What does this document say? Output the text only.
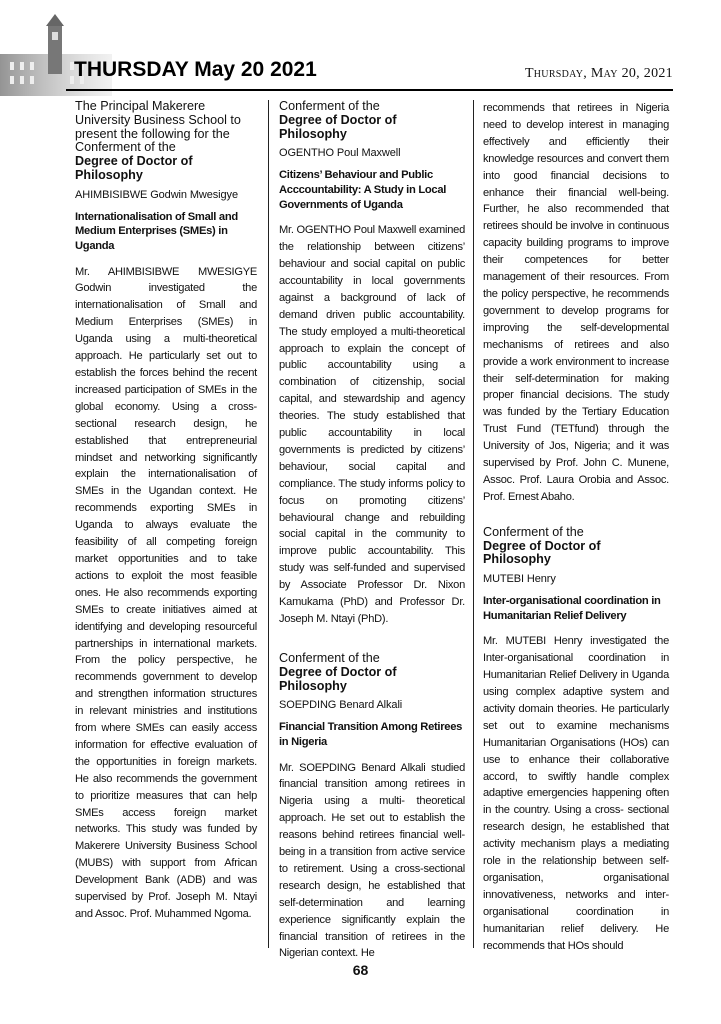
THURSDAY May 20 2021	Thursday, May 20, 2021
The Principal Makerere University Business School to present the following for the
Conferment of the
Degree of Doctor of Philosophy
AHIMBISIBWE Godwin Mwesigye
Internationalisation of Small and Medium Enterprises (SMEs) in Uganda

Mr. AHIMBISIBWE MWESIGYE Godwin investigated the internationalisation of Small and Medium Enterprises (SMEs) in Uganda using a multi-theoretical approach. He particularly set out to establish the forces behind the recent increased participation of SMEs in the global economy. Using a cross- sectional research design, he established that entrepreneurial mindset and networking significantly explain the internationalisation of SMEs in the Ugandan context. He recommends exporting SMEs in Uganda to always evaluate the feasibility of all competing foreign market opportunities and to take actions to exploit the most feasible ones. He also recommends exporting SMEs to create initiatives aimed at identifying and developing resourceful partnerships in international markets. From the policy perspective, he recommends government to develop and strengthen information structures in relevant ministries and institutions from where SMEs can easily access information for effective evaluation of the opportunities in foreign markets. He also recommends the government to prioritize measures that can help SMEs access foreign market networks. This study was funded by Makerere University Business School (MUBS) with support from African Development Bank (ADB) and was supervised by Prof. Joseph M. Ntayi and Assoc. Prof. Muhammed Ngoma.

Conferment of the
Degree of Doctor of Philosophy
OGENTHO Poul Maxwell
Citizens’ Behaviour and Public Acccountability: A Study in Local Governments of Uganda

Mr. OGENTHO Poul Maxwell examined the relationship between citizens’ behaviour and social capital on public accountability in local governments against a background of lack of demand driven public accountability. The study employed a multi-theoretical approach to explain the concept of public accountability using a combination of citizenship, social capital, and stewardship and agency theories. The study established that public accountability in local governments is predicted by citizens’ behaviour, social capital and compliance. The study informs policy to focus on promoting citizens’ behavioural change and rebuilding social capital in the community to improve public accountability. This study was self-funded and supervised by Associate Professor Dr. Nixon Kamukama (PhD) and Professor Dr. Joseph M. Ntayi (PhD).

Conferment of the
Degree of Doctor of Philosophy
SOEPDING Benard Alkali
Financial Transition Among Retirees in Nigeria

Mr. SOEPDING Benard Alkali studied financial transition among retirees in Nigeria using a multi- theoretical approach. He set out to establish the reasons behind retirees financial well-being in a transition from active service to retirement. Using a cross-sectional research design, he established that self-determination and learning experience significantly explain the financial transition of retirees in the Nigerian context. He

recommends that retirees in Nigeria need to develop interest in managing effectively and efficiently their knowledge resources and convert them into good financial decisions to enhance their financial well-being. Further, he also recommended that retirees should be involve in continuous capacity building programs to improve their competences for better management of their resources. From the policy perspective, he recommends government to develop programs for improving the self-developmental mechanisms of retirees and also provide a work environment to increase their self-determination for making proper financial decisions. The study was funded by the Tertiary Education Trust Fund (TETfund) through the University of Jos, Nigeria; and it was supervised by Prof. John C. Munene, Assoc. Prof. Laura Orobia and Assoc. Prof. Ernest Abaho.

Conferment of the
Degree of Doctor of Philosophy
MUTEBI Henry
Inter-organisational coordination in Humanitarian Relief Delivery

Mr. MUTEBI Henry investigated the Inter-organisational coordination in Humanitarian Relief Delivery in Uganda using complex adaptive system and activity domain theories. He particularly set out to examine mechanisms Humanitarian Organisations (HOs) can use to enhance their collaborative accord, to swiftly handle complex adaptive emergencies happening often in the country. Using a cross- sectional research design, he established that activity mechanism plays a mediating role in the relationship between self-organisation, organisational innovativeness, networks and inter-organisational coordination in humanitarian relief delivery. He recommends that HOs should

68
